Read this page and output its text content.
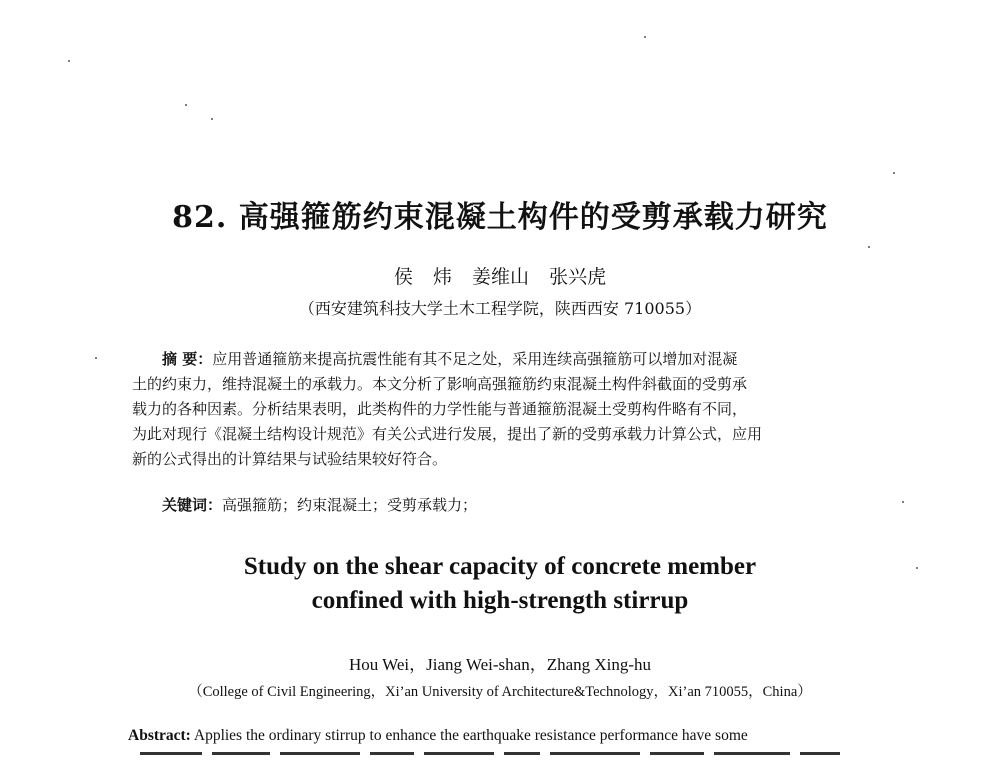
82. 高强箍筋约束混凝土构件的受剪承载力研究
侯 炜 姜维山 张兴虎
（西安建筑科技大学土木工程学院，陕西西安 710055）
摘 要：应用普通箍筋来提高抗震性能有其不足之处，采用连续高强箍筋可以增加对混凝
土的约束力，维持混凝土的承载力。本文分析了影响高强箍筋约束混凝土构件斜截面的受剪承
载力的各种因素。分析结果表明，此类构件的力学性能与普通箍筋混凝土受剪构件略有不同，
为此对现行《混凝土结构设计规范》有关公式进行发展，提出了新的受剪承载力计算公式，应用
新的公式得出的计算结果与试验结果较好符合。
关键词：高强箍筋；约束混凝土；受剪承载力；
Study on the shear capacity of concrete member
confined with high-strength stirrup
Hou Wei，Jiang Wei-shan，Zhang Xing-hu
（College of Civil Engineering，Xi’an University of Architecture&Technology，Xi’an 710055，China）
Abstract: Applies the ordinary stirrup to enhance the earthquake resistance performance have some
